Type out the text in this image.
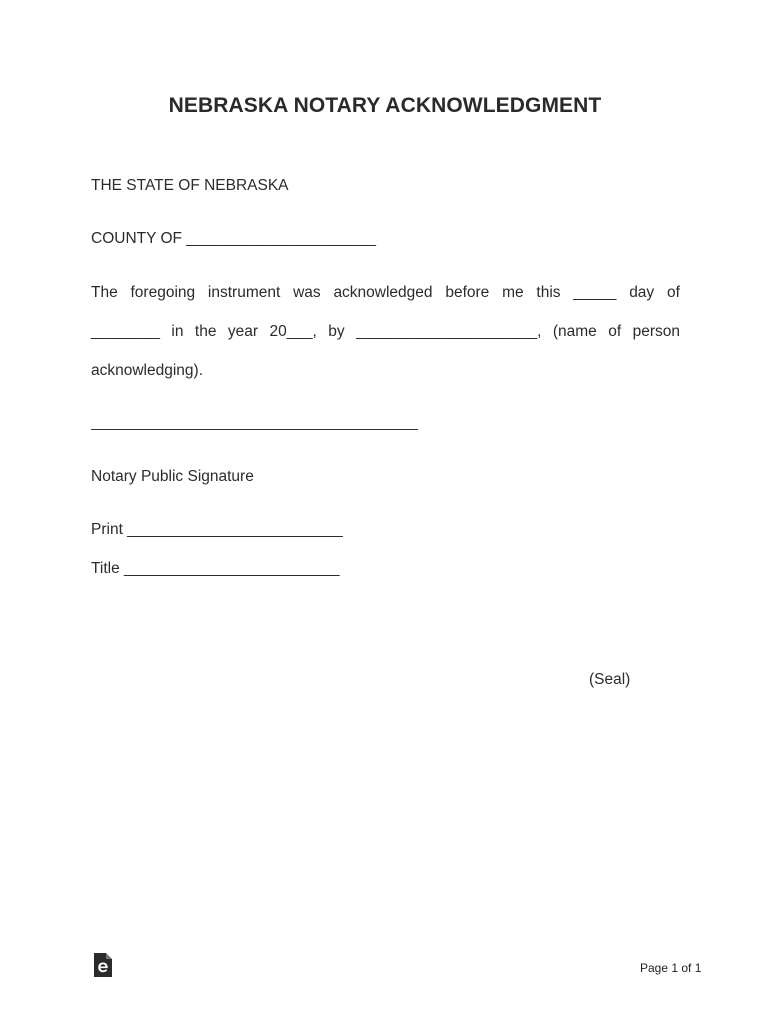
NEBRASKA NOTARY ACKNOWLEDGMENT
THE STATE OF NEBRASKA
COUNTY OF ______________________
The foregoing instrument was acknowledged before me this _____ day of
________ in the year 20___, by _____________________, (name of person
acknowledging).
Notary Public Signature
Print _________________________
Title _________________________
(Seal)
Page 1 of 1
